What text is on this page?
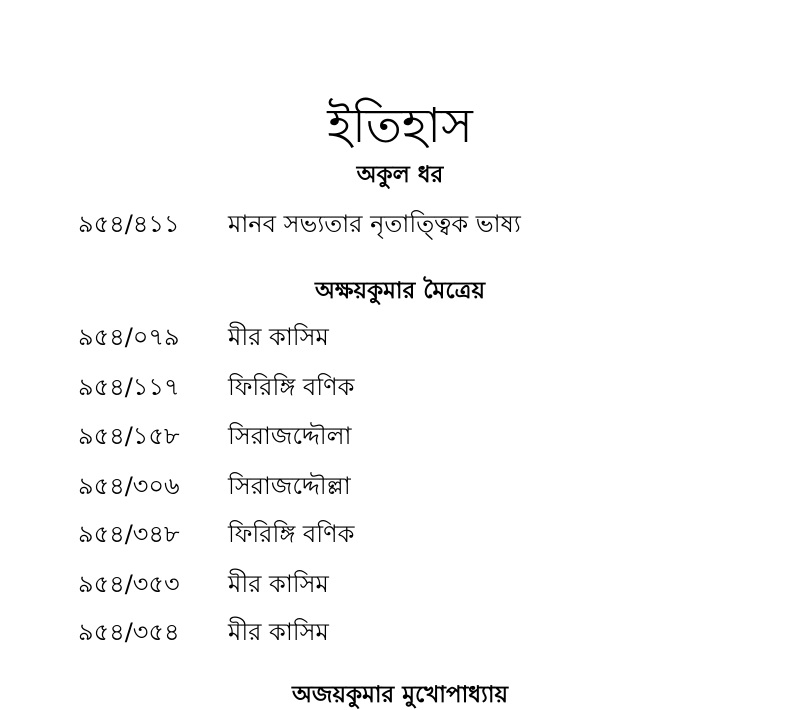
ইতিহাস
অকুল ধর
৯৫৪/৪১১ মানব সভ্যতার নৃতাত্ত্বিক ভাষ্য
অক্ষয়কুমার মৈত্রেয়
৯৫৪/০৭৯ মীর কাসিম
৯৫৪/১১৭ ফিরিঙ্গি বণিক
৯৫৪/১৫৮ সিরাজদ্দৌলা
৯৫৪/৩০৬ সিরাজদ্দৌল্লা
৯৫৪/৩৪৮ ফিরিঙ্গি বণিক
৯৫৪/৩৫৩ মীর কাসিম
৯৫৪/৩৫৪ মীর কাসিম
অজয়কুমার মুখোপাধ্যায়
